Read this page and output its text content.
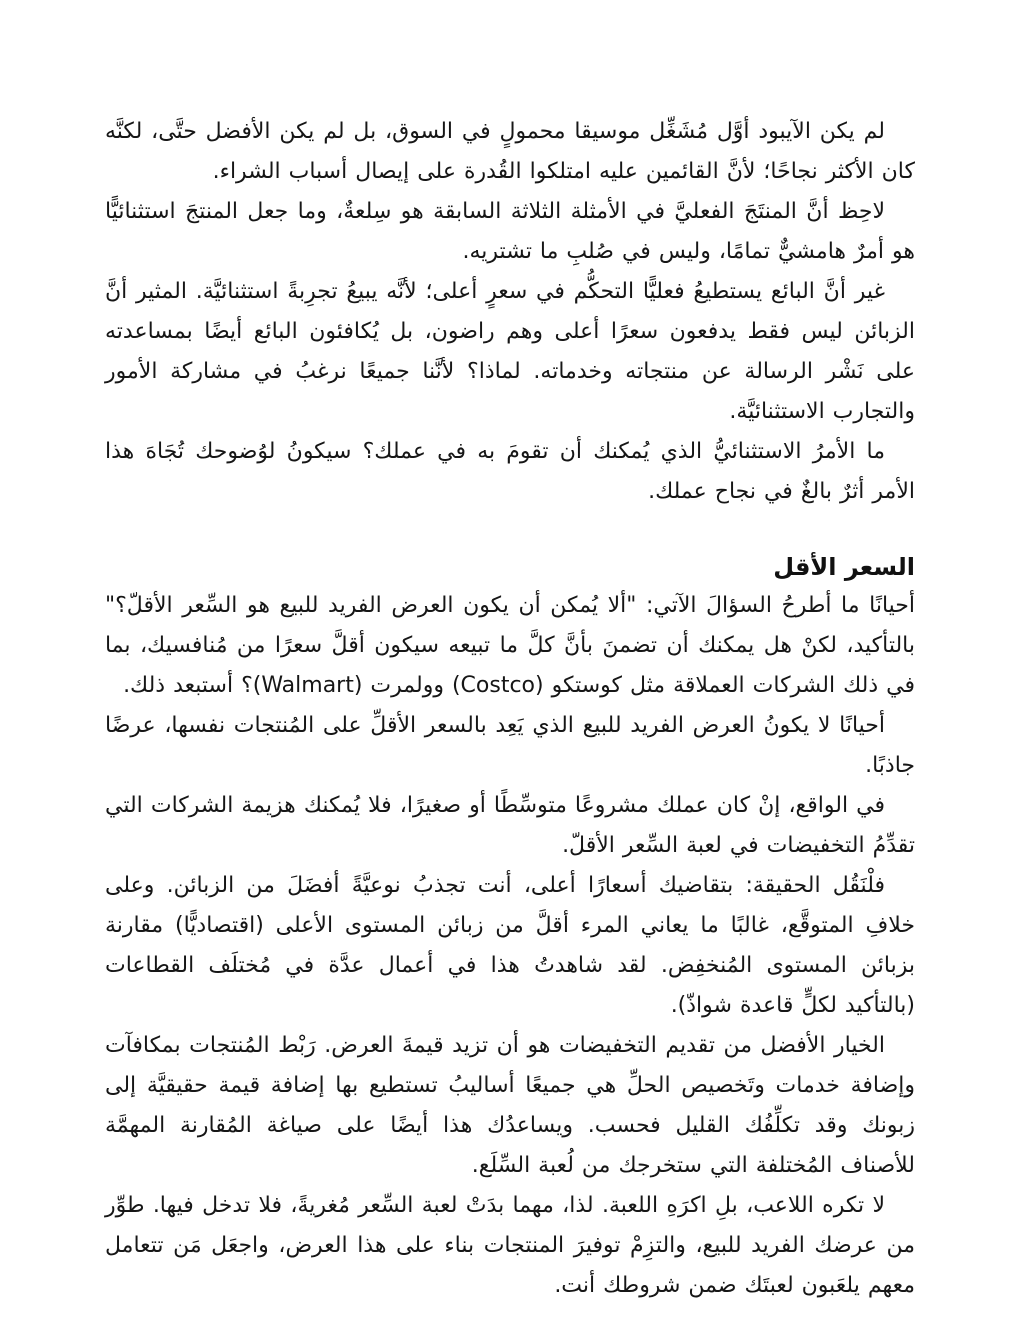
لم يكن الآيبود أوَّل مُشَغِّل موسيقا محمولٍ في السوق، بل لم يكن الأفضل حتَّى، لكنَّه كان الأكثر نجاحًا؛ لأنَّ القائمين عليه امتلكوا القُدرة على إيصال أسباب الشراء.

لاحِظ أنَّ المنتَجَ الفعليَّ في الأمثلة الثلاثة السابقة هو سِلعةٌ، وما جعل المنتجَ استثنائيًّا هو أمرٌ هامشيٌّ تمامًا، وليس في صُلبِ ما تشتريه.

غير أنَّ البائع يستطيعُ فعليًّا التحكُّم في سعرٍ أعلى؛ لأنَّه يبيعُ تجرِبةً استثنائيَّة. المثير أنَّ الزبائن ليس فقط يدفعون سعرًا أعلى وهم راضون، بل يُكافئون البائع أيضًا بمساعدته على نَشْر الرسالة عن منتجاته وخدماته. لماذا؟ لأنَّنا جميعًا نرغبُ في مشاركة الأمور والتجارب الاستثنائيَّة.

ما الأمرُ الاستثنائيُّ الذي يُمكنك أن تقومَ به في عملك؟ سيكونُ لوُضوحك تُجَاهَ هذا الأمر أثرٌ بالغٌ في نجاح عملك.

السعر الأقل

أحيانًا ما أطرحُ السؤالَ الآتي: "ألا يُمكن أن يكون العرض الفريد للبيع هو السِّعر الأقلّ؟" بالتأكيد، لكنْ هل يمكنك أن تضمنَ بأنَّ كلَّ ما تبيعه سيكون أقلَّ سعرًا من مُنافسيك، بما في ذلك الشركات العملاقة مثل كوستكو (Costco) وولمرت (Walmart)؟ أستبعد ذلك.

أحيانًا لا يكونُ العرض الفريد للبيع الذي يَعِد بالسعر الأقلِّ على المُنتجات نفسها، عرضًا جاذبًا.

في الواقع، إنْ كان عملك مشروعًا متوسِّطًا أو صغيرًا، فلا يُمكنك هزيمة الشركات التي تقدِّمُ التخفيضات في لعبة السِّعر الأقلّ.

فلْنَقُل الحقيقة: بتقاضيك أسعارًا أعلى، أنت تجذبُ نوعيَّةً أفضَلَ من الزبائن. وعلى خلافِ المتوقَّع، غالبًا ما يعاني المرء أقلَّ من زبائن المستوى الأعلى (اقتصاديًّا) مقارنة بزبائن المستوى المُنخفِض. لقد شاهدتُ هذا في أعمال عدَّة في مُختلَف القطاعات (بالتأكيد لكلٍّ قاعدة شواذّ).

الخيار الأفضل من تقديم التخفيضات هو أن تزيد قيمةَ العرض. رَبْط المُنتجات بمكافآت وإضافة خدمات وتَخصيص الحلِّ هي جميعًا أساليبُ تستطيع بها إضافة قيمة حقيقيَّة إلى زبونك وقد تكلِّفُك القليل فحسب. ويساعدُك هذا أيضًا على صياغة المُقارنة المهمَّة للأصناف المُختلفة التي ستخرجك من لُعبة السِّلَع.

لا تكره اللاعب، بلِ اكرَهِ اللعبة. لذا، مهما بدَتْ لعبة السِّعر مُغريةً، فلا تدخل فيها. طوِّر من عرضك الفريد للبيع، والتزِمْ توفيرَ المنتجات بناء على هذا العرض، واجعَل مَن تتعامل معهم يلعَبون لعبتَك ضمن شروطك أنت.
